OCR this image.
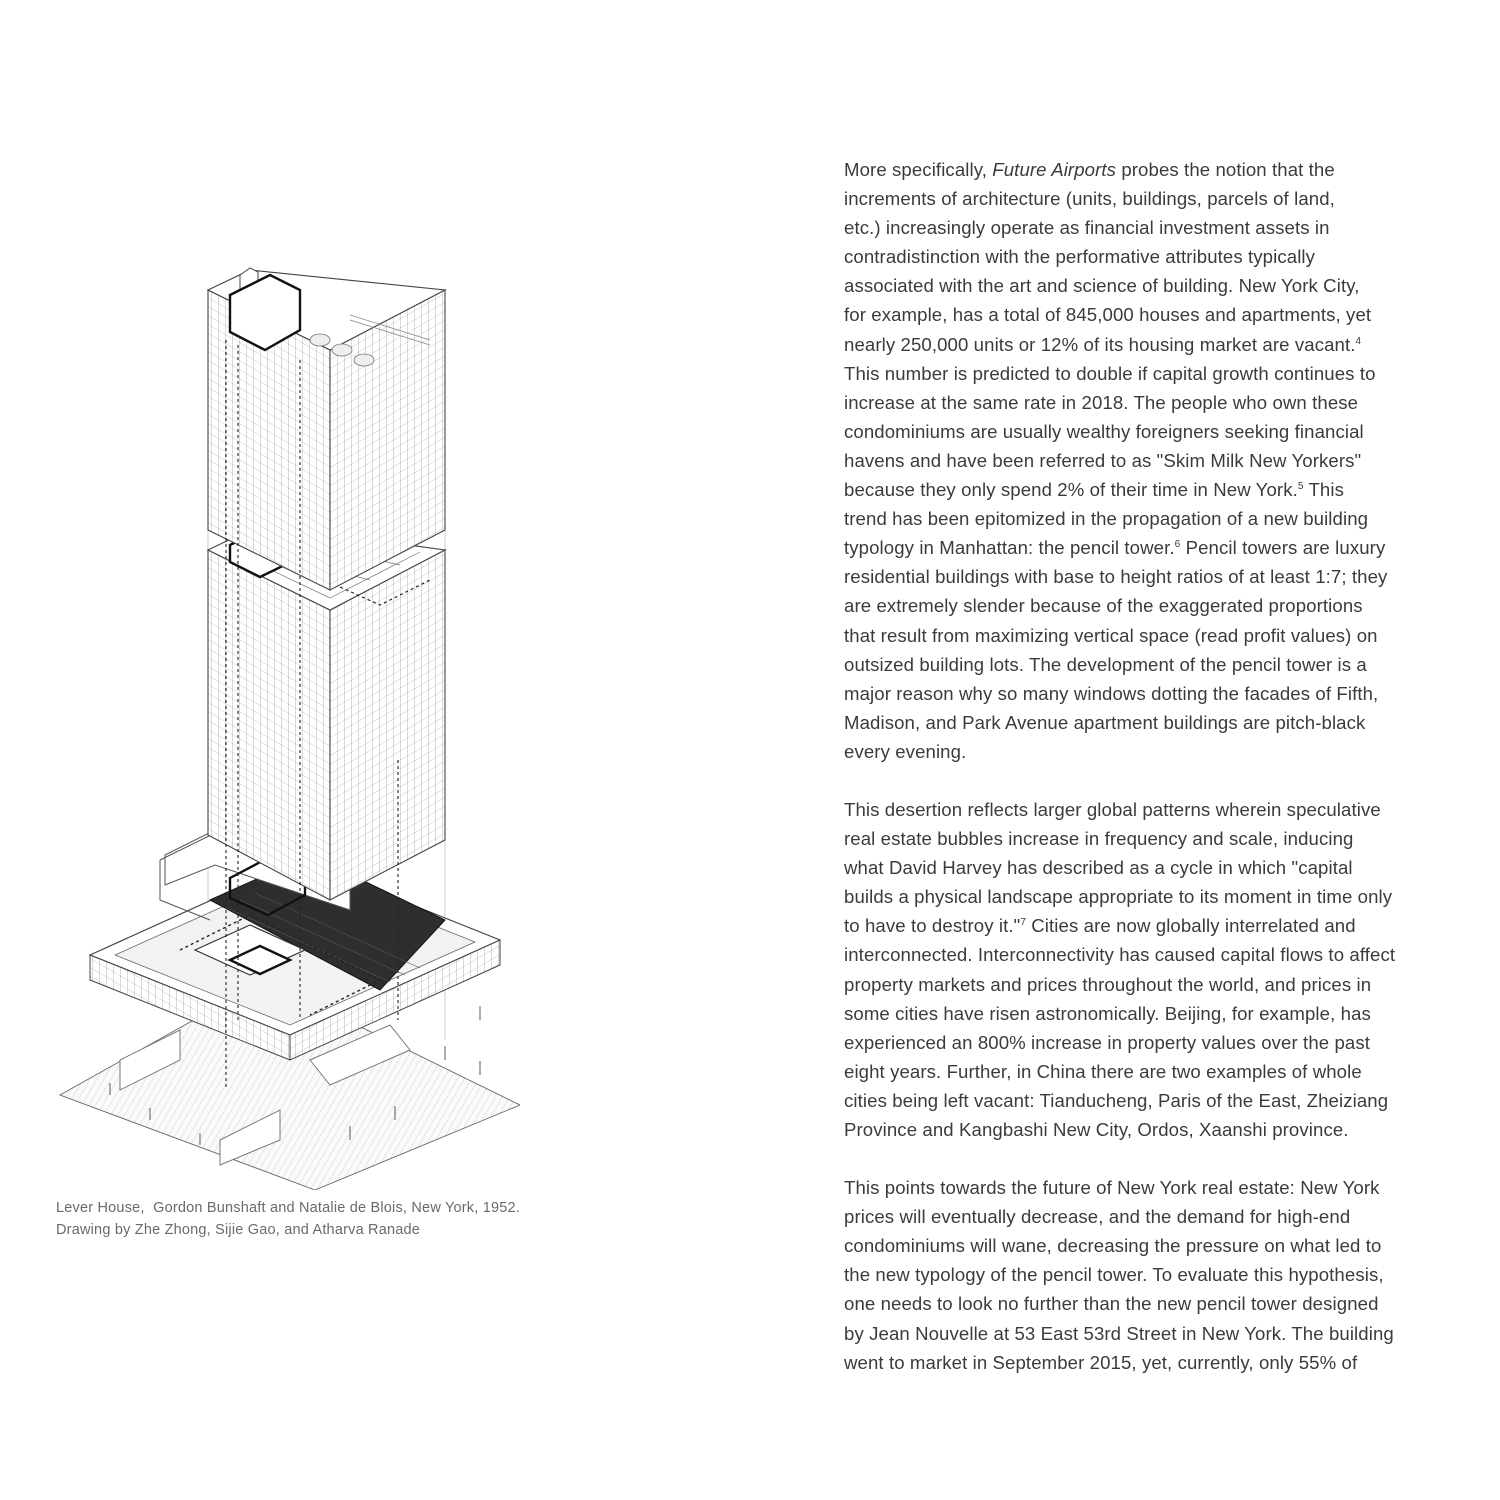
Lever House,  Gordon Bunshaft and Natalie de Blois, New York, 1952.

Drawing by Zhe Zhong, Sijie Gao, and Atharva Ranade

More specifically, Future Airports probes the notion that the
increments of architecture (units, buildings, parcels of land,
etc.) increasingly operate as financial investment assets in
contradistinction with the performative attributes typically
associated with the art and science of building. New York City,
for example, has a total of 845,000 houses and apartments, yet
nearly 250,000 units or 12% of its housing market are vacant.$^4$
This number is predicted to double if capital growth continues to
increase at the same rate in 2018. The people who own these
condominiums are usually wealthy foreigners seeking financial
havens and have been referred to as "Skim Milk New Yorkers"
because they only spend 2% of their time in New York.$^5$ This
trend has been epitomized in the propagation of a new building
typology in Manhattan: the pencil tower.$^6$ Pencil towers are luxury
residential buildings with base to height ratios of at least 1:7; they
are extremely slender because of the exaggerated proportions
that result from maximizing vertical space (read profit values) on
outsized building lots. The development of the pencil tower is a
major reason why so many windows dotting the facades of Fifth,
Madison, and Park Avenue apartment buildings are pitch-black
every evening.

This desertion reflects larger global patterns wherein speculative
real estate bubbles increase in frequency and scale, inducing
what David Harvey has described as a cycle in which "capital
builds a physical landscape appropriate to its moment in time only
to have to destroy it."$^7$ Cities are now globally interrelated and
interconnected. Interconnectivity has caused capital flows to affect
property markets and prices throughout the world, and prices in
some cities have risen astronomically. Beijing, for example, has
experienced an 800% increase in property values over the past
eight years. Further, in China there are two examples of whole
cities being left vacant: Tianducheng, Paris of the East, Zheiziang
Province and Kangbashi New City, Ordos, Xaanshi province.

This points towards the future of New York real estate: New York
prices will eventually decrease, and the demand for high-end
condominiums will wane, decreasing the pressure on what led to
the new typology of the pencil tower. To evaluate this hypothesis,
one needs to look no further than the new pencil tower designed
by Jean Nouvelle at 53 East 53rd Street in New York. The building
went to market in September 2015, yet, currently, only 55% of
